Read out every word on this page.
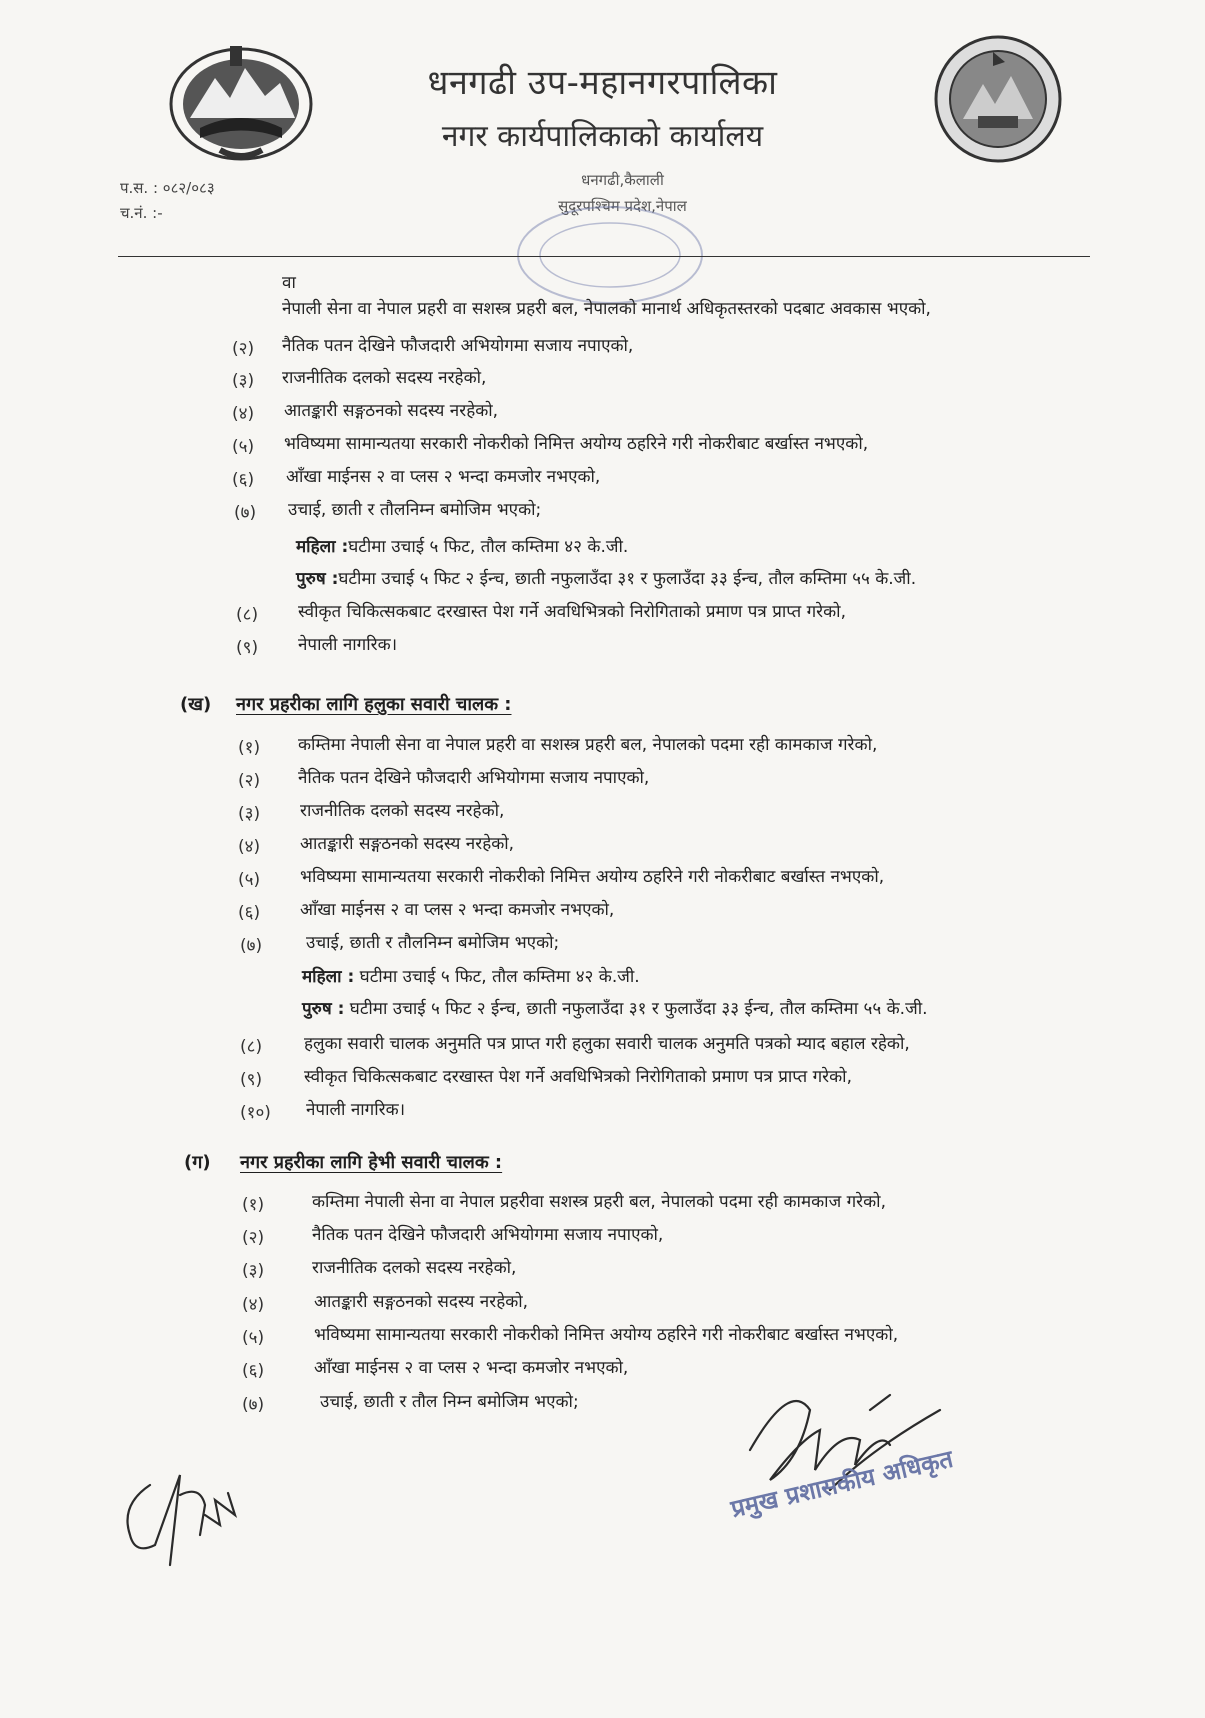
धनगढी उप-महानगरपालिका
नगर कार्यपालिकाको कार्यालय
प.स. : ०८२/०८३
च.नं. :-
धनगढी,कैलाली
सुदूरपश्चिम प्रदेश,नेपाल
वा
नेपाली सेना वा नेपाल प्रहरी वा सशस्त्र प्रहरी बल, नेपालको मानार्थ अधिकृतस्तरको पदबाट अवकास भएको,
(२) नैतिक पतन देखिने फौजदारी अभियोगमा सजाय नपाएको,
(३) राजनीतिक दलको सदस्य नरहेको,
(४) आतङ्कारी सङ्गठनको सदस्य नरहेको,
(५) भविष्यमा सामान्यतया सरकारी नोकरीको निमित्त अयोग्य ठहरिने गरी नोकरीबाट बर्खास्त नभएको,
(६) आँखा माईनस २ वा प्लस २ भन्दा कमजोर नभएको,
(७) उचाई, छाती र तौलनिम्न बमोजिम भएको;
महिला :घटीमा उचाई ५ फिट, तौल कम्तिमा ४२ के.जी.
पुरुष :घटीमा उचाई ५ फिट २ ईन्च, छाती नफुलाउँदा ३१ र फुलाउँदा ३३ ईन्च, तौल कम्तिमा ५५ के.जी.
(८) स्वीकृत चिकित्सकबाट दरखास्त पेश गर्ने अवधिभित्रको निरोगिताको प्रमाण पत्र प्राप्त गरेको,
(९) नेपाली नागरिक।
(ख) नगर प्रहरीका लागि हलुका सवारी चालक :
(१) कम्तिमा नेपाली सेना वा नेपाल प्रहरी वा सशस्त्र प्रहरी बल, नेपालको पदमा रही कामकाज गरेको,
(२) नैतिक पतन देखिने फौजदारी अभियोगमा सजाय नपाएको,
(३) राजनीतिक दलको सदस्य नरहेको,
(४) आतङ्कारी सङ्गठनको सदस्य नरहेको,
(५) भविष्यमा सामान्यतया सरकारी नोकरीको निमित्त अयोग्य ठहरिने गरी नोकरीबाट बर्खास्त नभएको,
(६) आँखा माईनस २ वा प्लस २ भन्दा कमजोर नभएको,
(७)	उचाई, छाती र तौलनिम्न बमोजिम भएको;
महिला : घटीमा उचाई ५ फिट, तौल कम्तिमा ४२ के.जी.
पुरुष : घटीमा उचाई ५ फिट २ ईन्च, छाती नफुलाउँदा ३१ र फुलाउँदा ३३ ईन्च, तौल कम्तिमा ५५ के.जी.
(८) हलुका सवारी चालक अनुमति पत्र प्राप्त गरी हलुका सवारी चालक अनुमति पत्रको म्याद बहाल रहेको,
(९) स्वीकृत चिकित्सकबाट दरखास्त पेश गर्ने अवधिभित्रको निरोगिताको प्रमाण पत्र प्राप्त गरेको,
(१०) नेपाली नागरिक।
(ग) नगर प्रहरीका लागि हेभी सवारी चालक :
(१)	कम्तिमा नेपाली सेना वा नेपाल प्रहरीवा सशस्त्र प्रहरी बल, नेपालको पदमा रही कामकाज गरेको,
(२)	नैतिक पतन देखिने फौजदारी अभियोगमा सजाय नपाएको,
(३)	राजनीतिक दलको सदस्य नरहेको,
(४)	आतङ्कारी सङ्गठनको सदस्य नरहेको,
(५)	भविष्यमा सामान्यतया सरकारी नोकरीको निमित्त अयोग्य ठहरिने गरी नोकरीबाट बर्खास्त नभएको,
(६)	आँखा माईनस २ वा प्लस २ भन्दा कमजोर नभएको,
(७)	उचाई, छाती र तौल निम्न बमोजिम भएको;
प्रमुख प्रशासकीय अधिकृत
